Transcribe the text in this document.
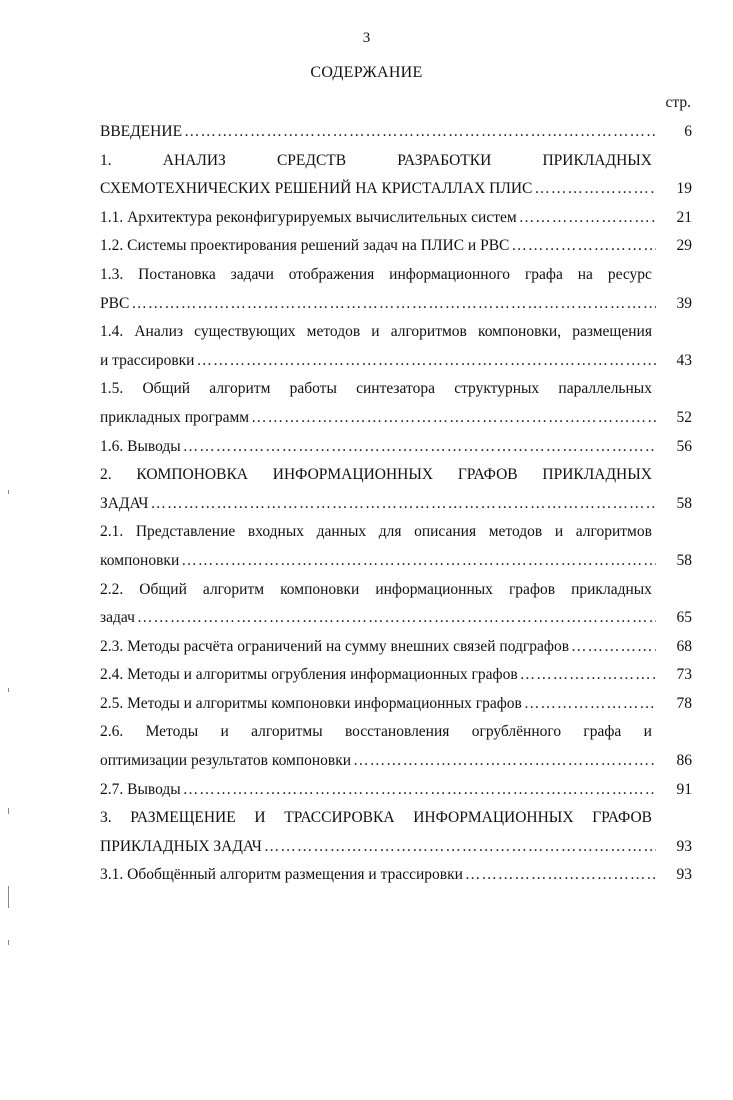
3
СОДЕРЖАНИЕ
стр.
ВВЕДЕНИЕ ……………………………………………………………………………………………………………………………………………………………………………………………	6
1.	АНАЛИЗ	СРЕДСТВ	РАЗРАБОТКИ	ПРИКЛАДНЫХ
СХЕМОТЕХНИЧЕСКИХ РЕШЕНИЙ НА КРИСТАЛЛАХ ПЛИС ……………………………………………………………………………………………………………………………………………………………………………………………	19
1.1. Архитектура реконфигурируемых вычислительных систем ……………………………………………………………………………………………………………………………………………………………………………………………	21
1.2. Системы проектирования решений задач на ПЛИС и РВС ……………………………………………………………………………………………………………………………………………………………………………………………	29
1.3. Постановка задачи отображения информационного графа на ресурс
РВС ……………………………………………………………………………………………………………………………………………………………………………………………	39
1.4. Анализ существующих методов и алгоритмов компоновки, размещения
и трассировки ……………………………………………………………………………………………………………………………………………………………………………………………	43
1.5. Общий алгоритм работы синтезатора структурных параллельных
прикладных программ ……………………………………………………………………………………………………………………………………………………………………………………………	52
1.6. Выводы ……………………………………………………………………………………………………………………………………………………………………………………………	56
2. КОМПОНОВКА ИНФОРМАЦИОННЫХ ГРАФОВ ПРИКЛАДНЫХ
ЗАДАЧ ……………………………………………………………………………………………………………………………………………………………………………………………	58
2.1. Представление входных данных для описания методов и алгоритмов
компоновки ……………………………………………………………………………………………………………………………………………………………………………………………	58
2.2. Общий алгоритм компоновки информационных графов прикладных
задач ……………………………………………………………………………………………………………………………………………………………………………………………	65
2.3. Методы расчёта ограничений на сумму внешних связей подграфов ……………………………………………………………………………………………………………………………………………………………………………………………	68
2.4. Методы и алгоритмы огрубления информационных графов ……………………………………………………………………………………………………………………………………………………………………………………………	73
2.5. Методы и алгоритмы компоновки информационных графов ……………………………………………………………………………………………………………………………………………………………………………………………	78
2.6. Методы и алгоритмы восстановления огрублённого графа и
оптимизации результатов компоновки ……………………………………………………………………………………………………………………………………………………………………………………………	86
2.7. Выводы ……………………………………………………………………………………………………………………………………………………………………………………………	91
3. РАЗМЕЩЕНИЕ И ТРАССИРОВКА ИНФОРМАЦИОННЫХ ГРАФОВ
ПРИКЛАДНЫХ ЗАДАЧ ……………………………………………………………………………………………………………………………………………………………………………………………	93
3.1. Обобщённый алгоритм размещения и трассировки ……………………………………………………………………………………………………………………………………………………………………………………………	93
